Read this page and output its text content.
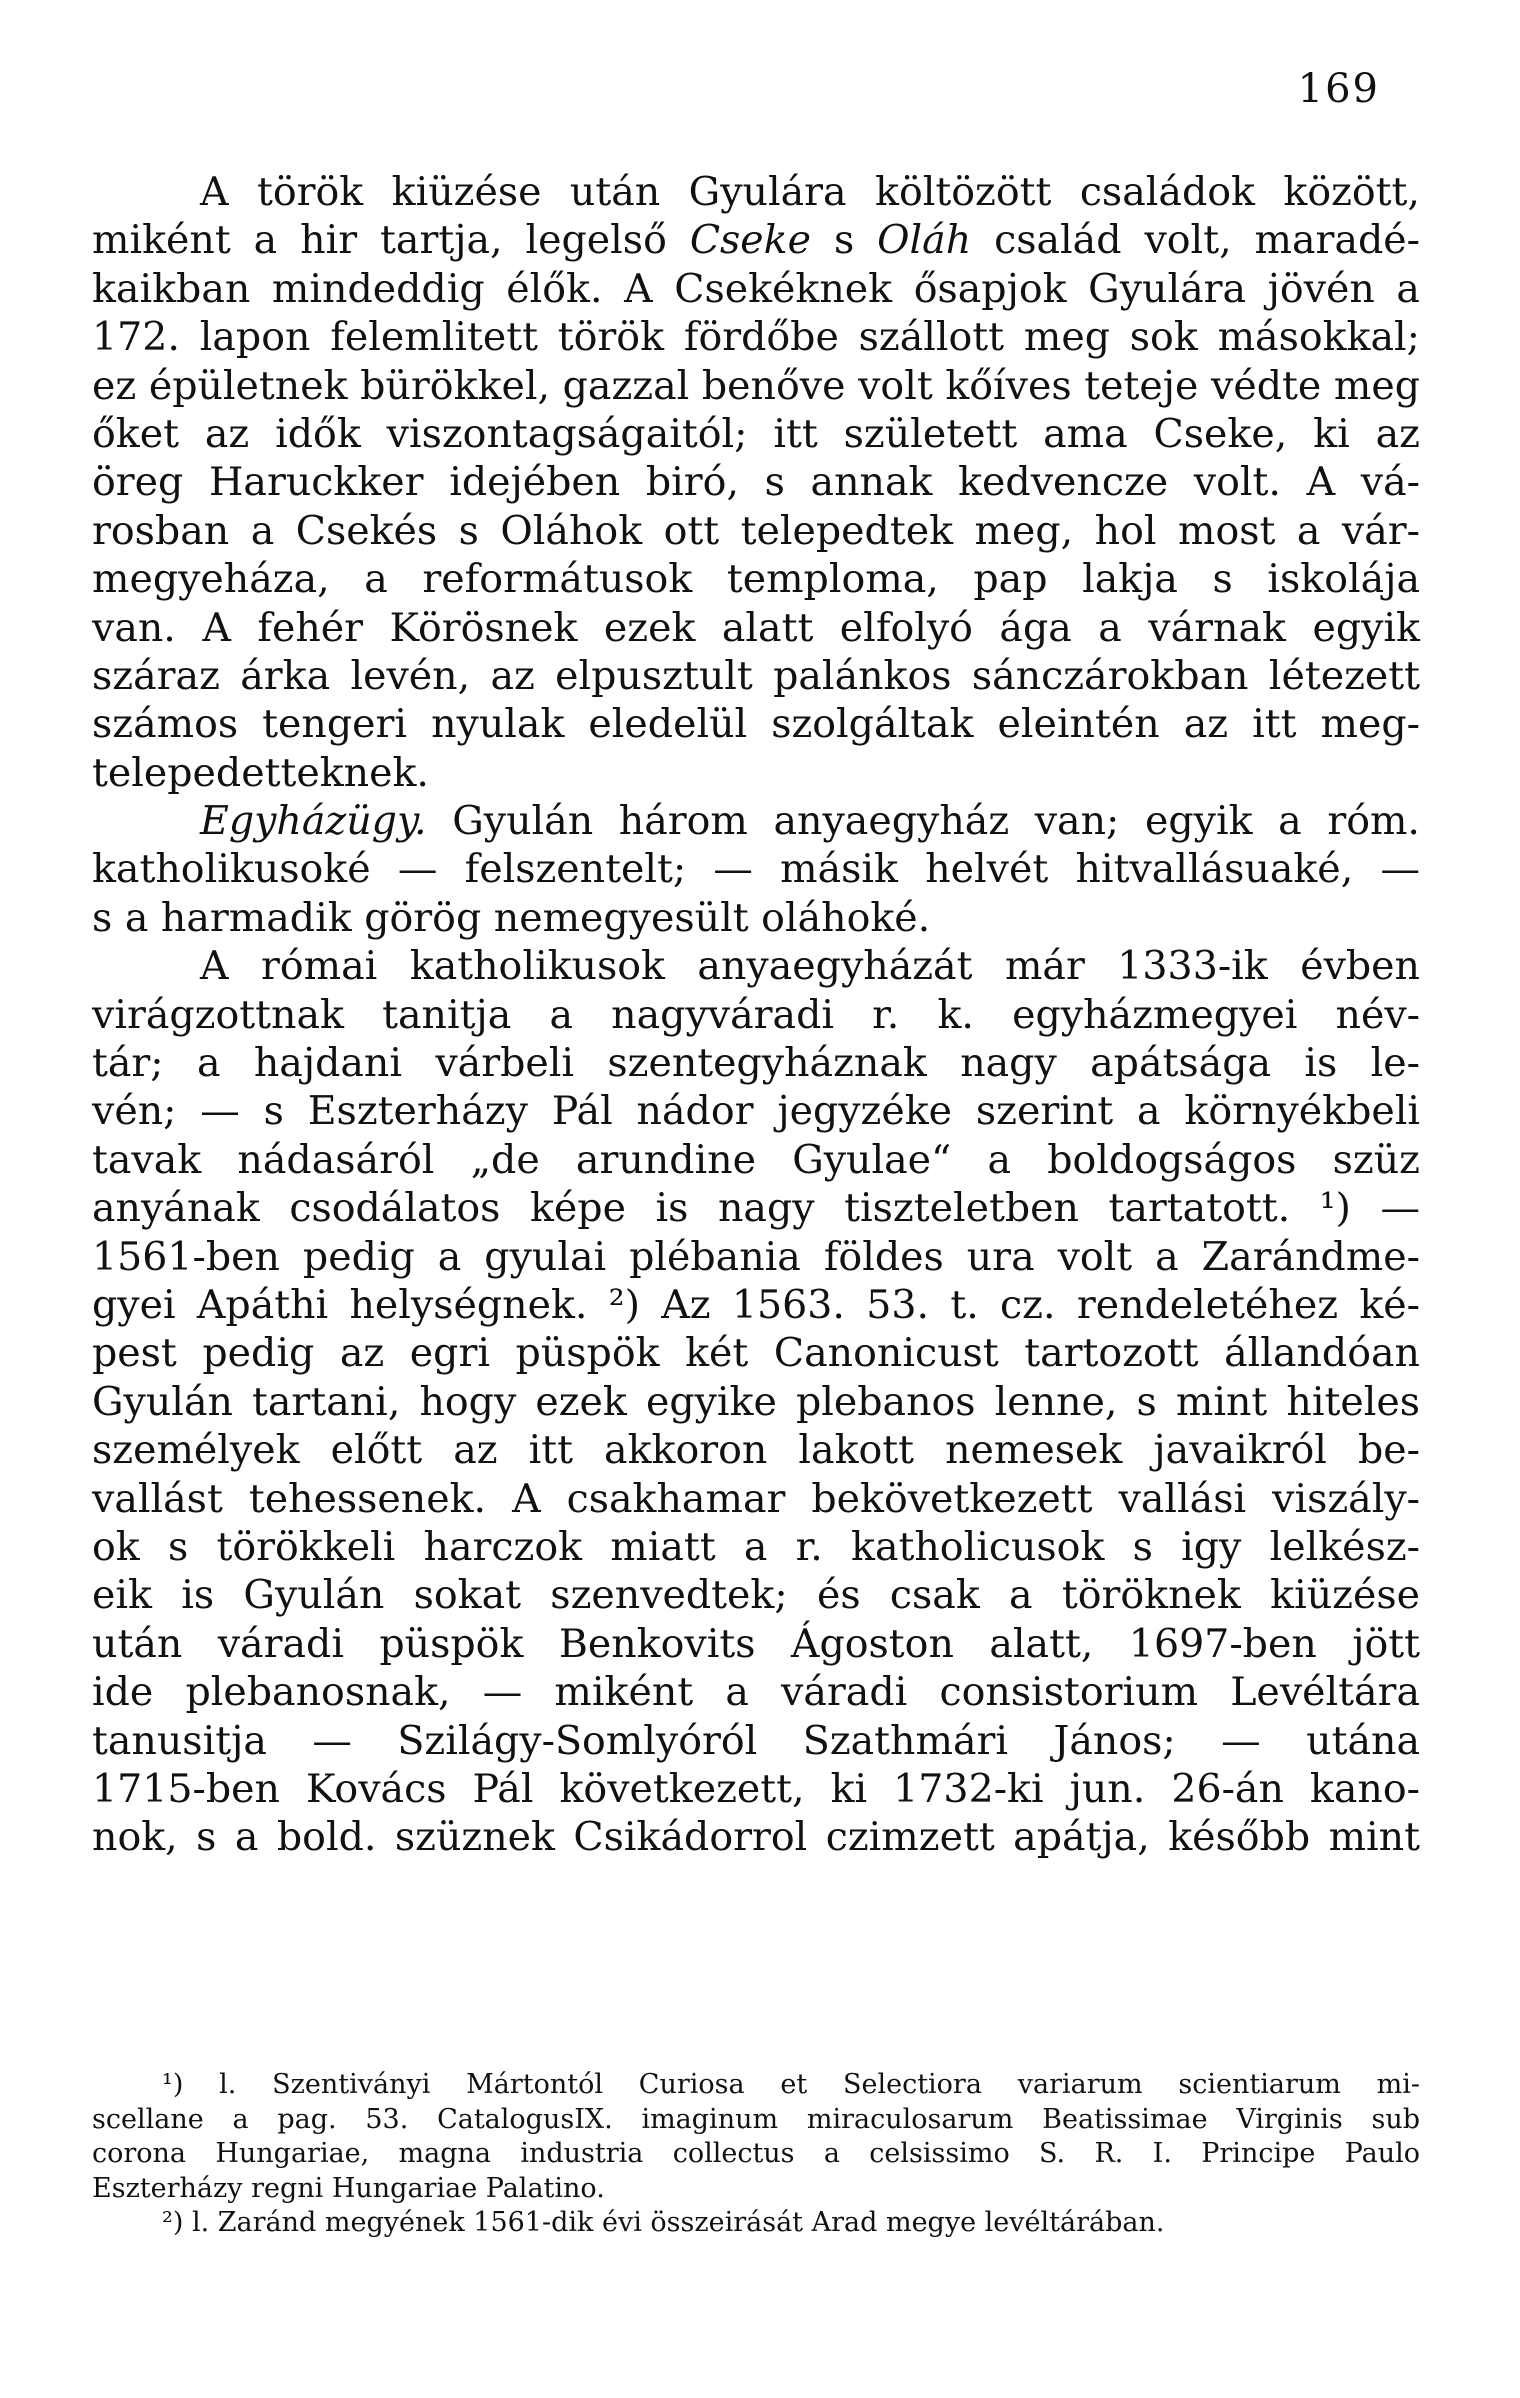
169
A török kiüzése után Gyulára költözött családok között,
miként a hir tartja, legelső Cseke s Oláh család volt, maradé-
kaikban mindeddig élők. A Csekéknek ősapjok Gyulára jövén a
172. lapon felemlitett török fördőbe szállott meg sok másokkal;
ez épületnek bürökkel, gazzal benőve volt kőíves teteje védte meg
őket az idők viszontagságaitól; itt született ama Cseke, ki az
öreg Haruckker idejében biró, s annak kedvencze volt. A vá-
rosban a Csekés s Oláhok ott telepedtek meg, hol most a vár-
megyeháza, a reformátusok temploma, pap lakja s iskolája
van. A fehér Körösnek ezek alatt elfolyó ága a várnak egyik
száraz árka levén, az elpusztult palánkos sánczárokban létezett
számos tengeri nyulak eledelül szolgáltak eleintén az itt meg-
telepedetteknek.
Egyházügy. Gyulán három anyaegyház van; egyik a róm.
katholikusoké — felszentelt; — másik helvét hitvallásuaké, —
s a harmadik görög nemegyesült oláhoké.
A római katholikusok anyaegyházát már 1333-ik évben
virágzottnak tanitja a nagyváradi r. k. egyházmegyei név-
tár; a hajdani várbeli szentegyháznak nagy apátsága is le-
vén; — s Eszterházy Pál nádor jegyzéke szerint a környékbeli
tavak nádasáról „de arundine Gyulae“ a boldogságos szüz
anyának csodálatos képe is nagy tiszteletben tartatott. ¹) —
1561-ben pedig a gyulai plébania földes ura volt a Zarándme-
gyei Apáthi helységnek. ²) Az 1563. 53. t. cz. rendeletéhez ké-
pest pedig az egri püspök két Canonicust tartozott állandóan
Gyulán tartani, hogy ezek egyike plebanos lenne, s mint hiteles
személyek előtt az itt akkoron lakott nemesek javaikról be-
vallást tehessenek. A csakhamar bekövetkezett vallási viszály-
ok s törökkeli harczok miatt a r. katholicusok s igy lelkész-
eik is Gyulán sokat szenvedtek; és csak a töröknek kiüzése
után váradi püspök Benkovits Ágoston alatt, 1697-ben jött
ide plebanosnak, — miként a váradi consistorium Levéltára
tanusitja — Szilágy-Somlyóról Szathmári János; — utána
1715-ben Kovács Pál következett, ki 1732-ki jun. 26-án kano-
nok, s a bold. szüznek Csikádorrol czimzett apátja, később mint
¹) l. Szentiványi Mártontól Curiosa et Selectiora variarum scientiarum mi-
scellane a pag. 53. CatalogusIX. imaginum miraculosarum Beatissimae Virginis sub
corona Hungariae, magna industria collectus a celsissimo S. R. I. Principe Paulo
Eszterházy regni Hungariae Palatino.
²) l. Zaránd megyének 1561-dik évi összeirását Arad megye levéltárában.
